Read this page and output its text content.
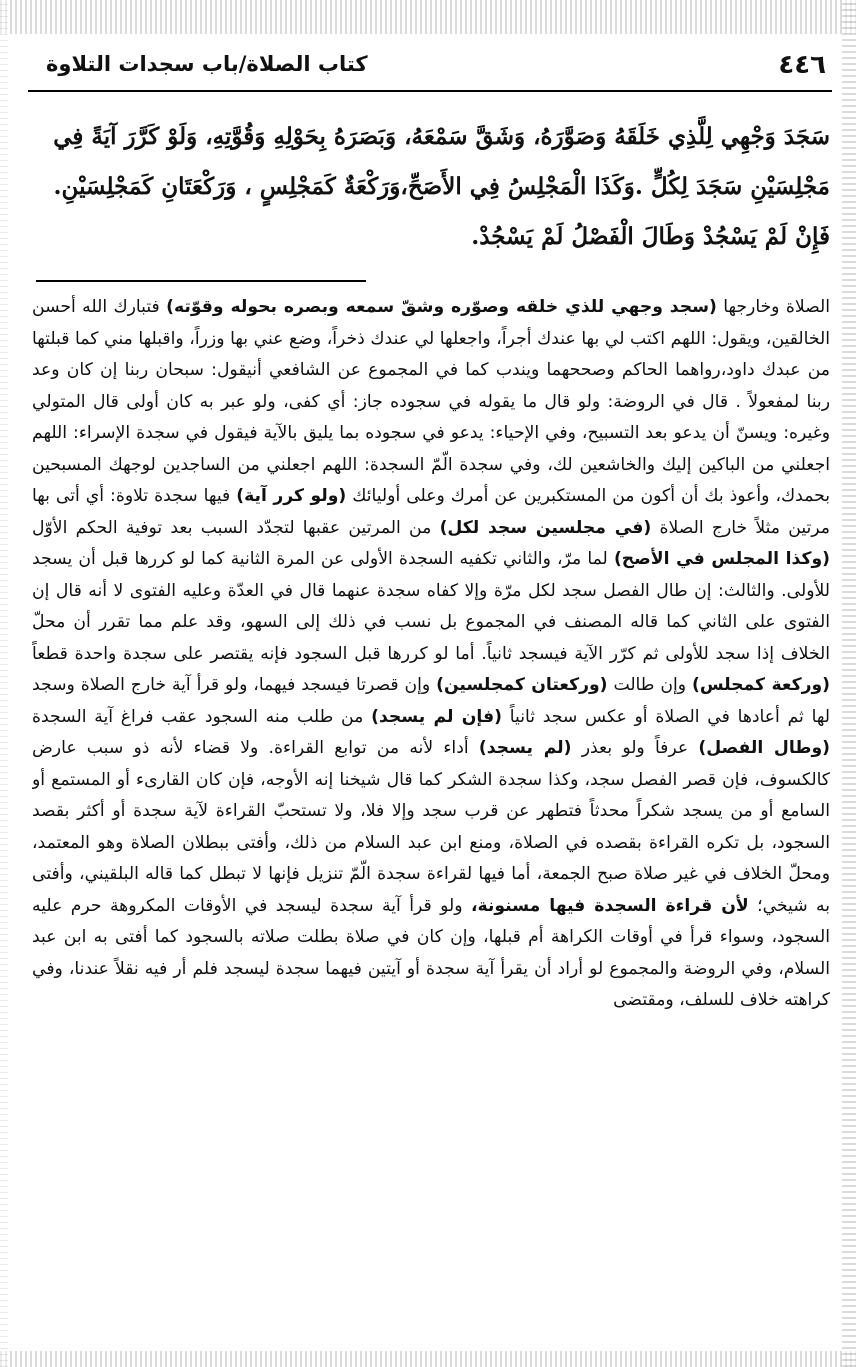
٤٤٦
كتاب الصلاة/باب سجدات التلاوة

سَجَدَ وَجْهِي لِلَّذِي خَلَقَهُ وَصَوَّرَهُ، وَشَقَّ سَمْعَهُ، وَبَصَرَهُ بِحَوْلِهِ وَقُوَّتِهِ، وَلَوْ كَرَّرَ آيَةً فِي

مَجْلِسَيْنِ سَجَدَ لِكُلٍّ .وَكَذَا الْمَجْلِسُ فِي الأَصَحِّ،وَرَكْعَةٌ كَمَجْلِسٍ ، وَرَكْعَتَانِ كَمَجْلِسَيْنِ.

فَإِنْ لَمْ يَسْجُدْ وَطَالَ الْفَصْلُ لَمْ يَسْجُدْ.

الصلاة وخارجها (سجد وجهي للذي خلقه وصوّره وشقّ سمعه وبصره بحوله وقوّته) فتبارك الله أحسن الخالقين، ويقول: اللهم اكتب لي بها عندك أجراً، واجعلها لي عندك ذخراً، وضع عني بها وزراً، واقبلها مني كما قبلتها من عبدك داود،رواهما الحاكم وصححهما ويندب كما في المجموع عن الشافعي أنيقول: سبحان ربنا إن كان وعد ربنا لمفعولاً . قال في الروضة: ولو قال ما يقوله في سجوده جاز: أي كفى، ولو عبر به كان أولى قال المتولي وغيره: ويسنّ أن يدعو بعد التسبيح، وفي الإحياء: يدعو في سجوده بما يليق بالآية فيقول في سجدة الإسراء: اللهم اجعلني من الباكين إليك والخاشعين لك، وفي سجدة الّمّ السجدة: اللهم اجعلني من الساجدين لوجهك المسبحين بحمدك، وأعوذ بك أن أكون من المستكبرين عن أمرك وعلى أوليائك (ولو كرر آية) فيها سجدة تلاوة: أي أتى بها مرتين مثلاً خارج الصلاة (في مجلسين سجد لكل) من المرتين عقبها لتجدّد السبب بعد توفية الحكم الأوّل (وكذا المجلس في الأصح) لما مرّ، والثاني تكفيه السجدة الأولى عن المرة الثانية كما لو كررها قبل أن يسجد للأولى. والثالث: إن طال الفصل سجد لكل مرّة وإلا كفاه سجدة عنهما قال في العدّة وعليه الفتوى لا أنه قال إن الفتوى على الثاني كما قاله المصنف في المجموع بل نسب في ذلك إلى السهو، وقد علم مما تقرر أن محلّ الخلاف إذا سجد للأولى ثم كرّر الآية فيسجد ثانياً. أما لو كررها قبل السجود فإنه يقتصر على سجدة واحدة قطعاً (وركعة كمجلس) وإن طالت (وركعتان كمجلسين) وإن قصرتا فيسجد فيهما، ولو قرأ آية خارج الصلاة وسجد لها ثم أعادها في الصلاة أو عكس سجد ثانياً (فإن لم يسجد) من طلب منه السجود عقب فراغ آية السجدة (وطال الفصل) عرفاً ولو بعذر (لم يسجد) أداء لأنه من توابع القراءة. ولا قضاء لأنه ذو سبب عارض كالكسوف، فإن قصر الفصل سجد، وكذا سجدة الشكر كما قال شيخنا إنه الأوجه، فإن كان القارىء أو المستمع أو السامع أو من يسجد شكراً محدثاً فتطهر عن قرب سجد وإلا فلا، ولا تستحبّ القراءة لآية سجدة أو أكثر بقصد السجود، بل تكره القراءة بقصده في الصلاة، ومنع ابن عبد السلام من ذلك، وأفتى ببطلان الصلاة وهو المعتمد، ومحلّ الخلاف في غير صلاة صبح الجمعة، أما فيها لقراءة سجدة الّمّ تنزيل فإنها لا تبطل كما قاله البلقيني، وأفتى به شيخي؛ لأن قراءة السجدة فيها مسنونة، ولو قرأ آية سجدة ليسجد في الأوقات المكروهة حرم عليه السجود، وسواء قرأ في أوقات الكراهة أم قبلها، وإن كان في صلاة بطلت صلاته بالسجود كما أفتى به ابن عبد السلام، وفي الروضة والمجموع لو أراد أن يقرأ آية سجدة أو آيتين فيهما سجدة ليسجد فلم أر فيه نقلاً عندنا، وفي كراهته خلاف للسلف، ومقتضى
